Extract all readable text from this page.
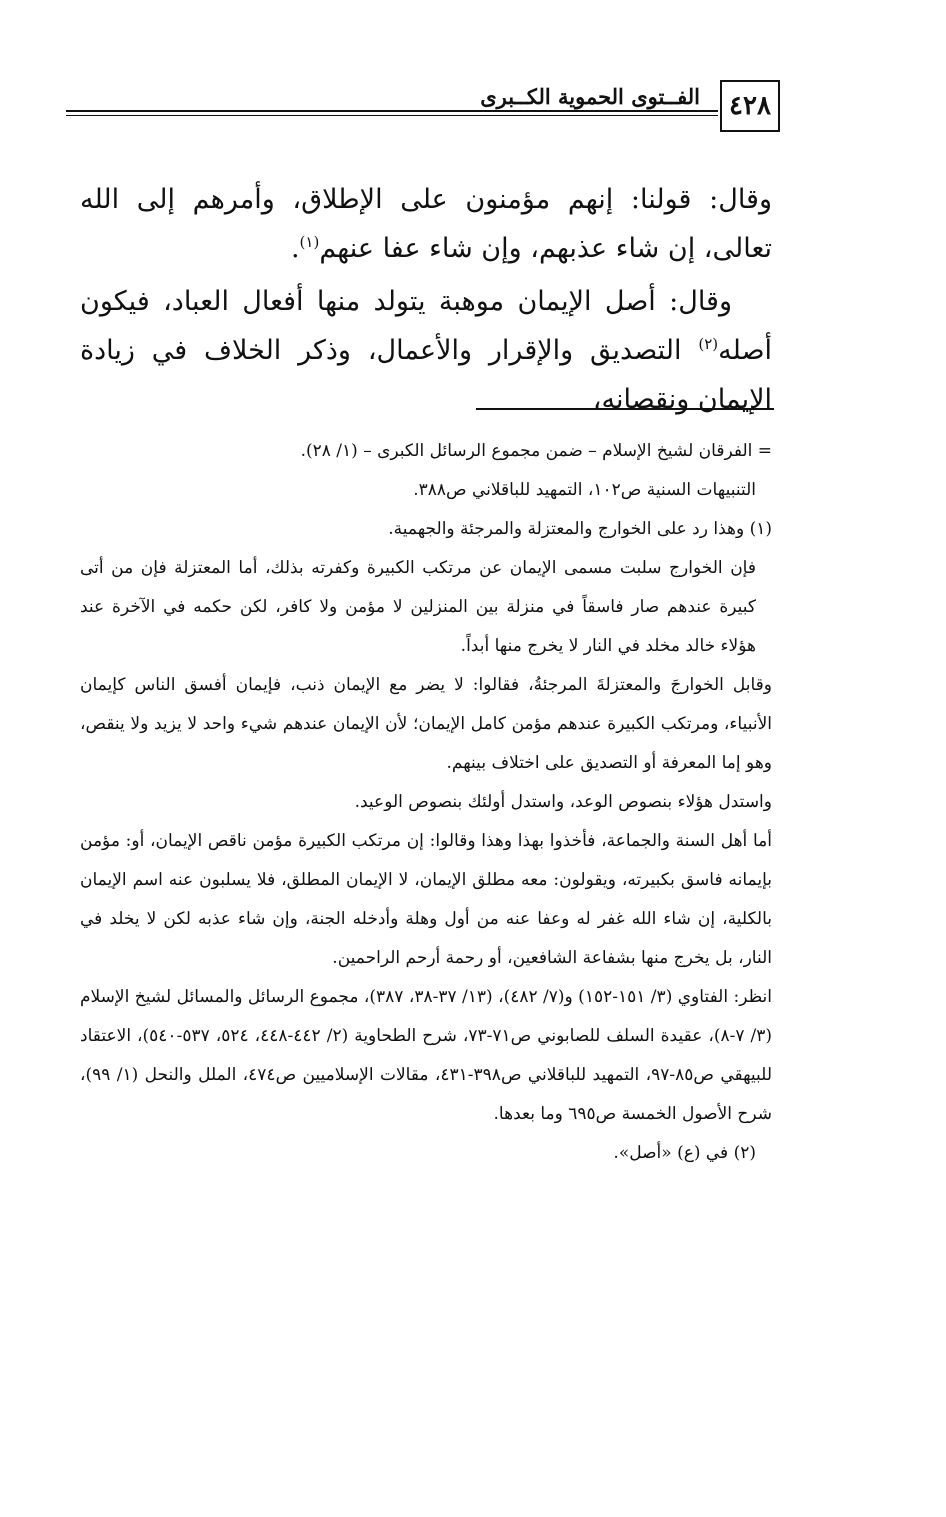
٤٢٨
الفــتوى الحموية الكــبرى

وقال: قولنا: إنهم مؤمنون على الإطلاق، وأمرهم إلى الله تعالى، إن شاء عذبهم، وإن شاء عفا عنهم$^{(١)}$.

وقال: أصل الإيمان موهبة يتولد منها أفعال العباد، فيكون أصله$^{(٢)}$ التصديق والإقرار والأعمال، وذكر الخلاف في زيادة الإيمان ونقصانه،

= الفرقان لشيخ الإسلام – ضمن مجموع الرسائل الكبرى – (١/ ٢٨).

التنبيهات السنية ص١٠٢، التمهيد للباقلاني ص٣٨٨.

(١) وهذا رد على الخوارج والمعتزلة والمرجئة والجهمية.

فإن الخوارج سلبت مسمى الإيمان عن مرتكب الكبيرة وكفرته بذلك، أما المعتزلة فإن من أتى كبيرة عندهم صار فاسقاً في منزلة بين المنزلين لا مؤمن ولا كافر، لكن حكمه في الآخرة عند هؤلاء خالد مخلد في النار لا يخرج منها أبداً.

وقابل الخوارجَ والمعتزلةَ المرجئةُ، فقالوا: لا يضر مع الإيمان ذنب، فإيمان أفسق الناس كإيمان الأنبياء، ومرتكب الكبيرة عندهم مؤمن كامل الإيمان؛ لأن الإيمان عندهم شيء واحد لا يزيد ولا ينقص، وهو إما المعرفة أو التصديق على اختلاف بينهم.

واستدل هؤلاء بنصوص الوعد، واستدل أولئك بنصوص الوعيد.

أما أهل السنة والجماعة، فأخذوا بهذا وهذا وقالوا: إن مرتكب الكبيرة مؤمن ناقص الإيمان، أو: مؤمن بإيمانه فاسق بكبيرته، ويقولون: معه مطلق الإيمان، لا الإيمان المطلق، فلا يسلبون عنه اسم الإيمان بالكلية، إن شاء الله غفر له وعفا عنه من أول وهلة وأدخله الجنة، وإن شاء عذبه لكن لا يخلد في النار، بل يخرج منها بشفاعة الشافعين، أو رحمة أرحم الراحمين.

انظر: الفتاوي (٣/ ١٥١-١٥٢) و(٧/ ٤٨٢)، (١٣/ ٣٧-٣٨، ٣٨٧)، مجموع الرسائل والمسائل لشيخ الإسلام (٣/ ٧-٨)، عقيدة السلف للصابوني ص٧١-٧٣، شرح الطحاوية (٢/ ٤٤٢-٤٤٨، ٥٢٤، ٥٣٧-٥٤٠)، الاعتقاد للبيهقي ص٨٥-٩٧، التمهيد للباقلاني ص٣٩٨-٤٣١، مقالات الإسلاميين ص٤٧٤، الملل والنحل (١/ ٩٩)، شرح الأصول الخمسة ص٦٩٥ وما بعدها.

(٢) في (ع) «أصل».
